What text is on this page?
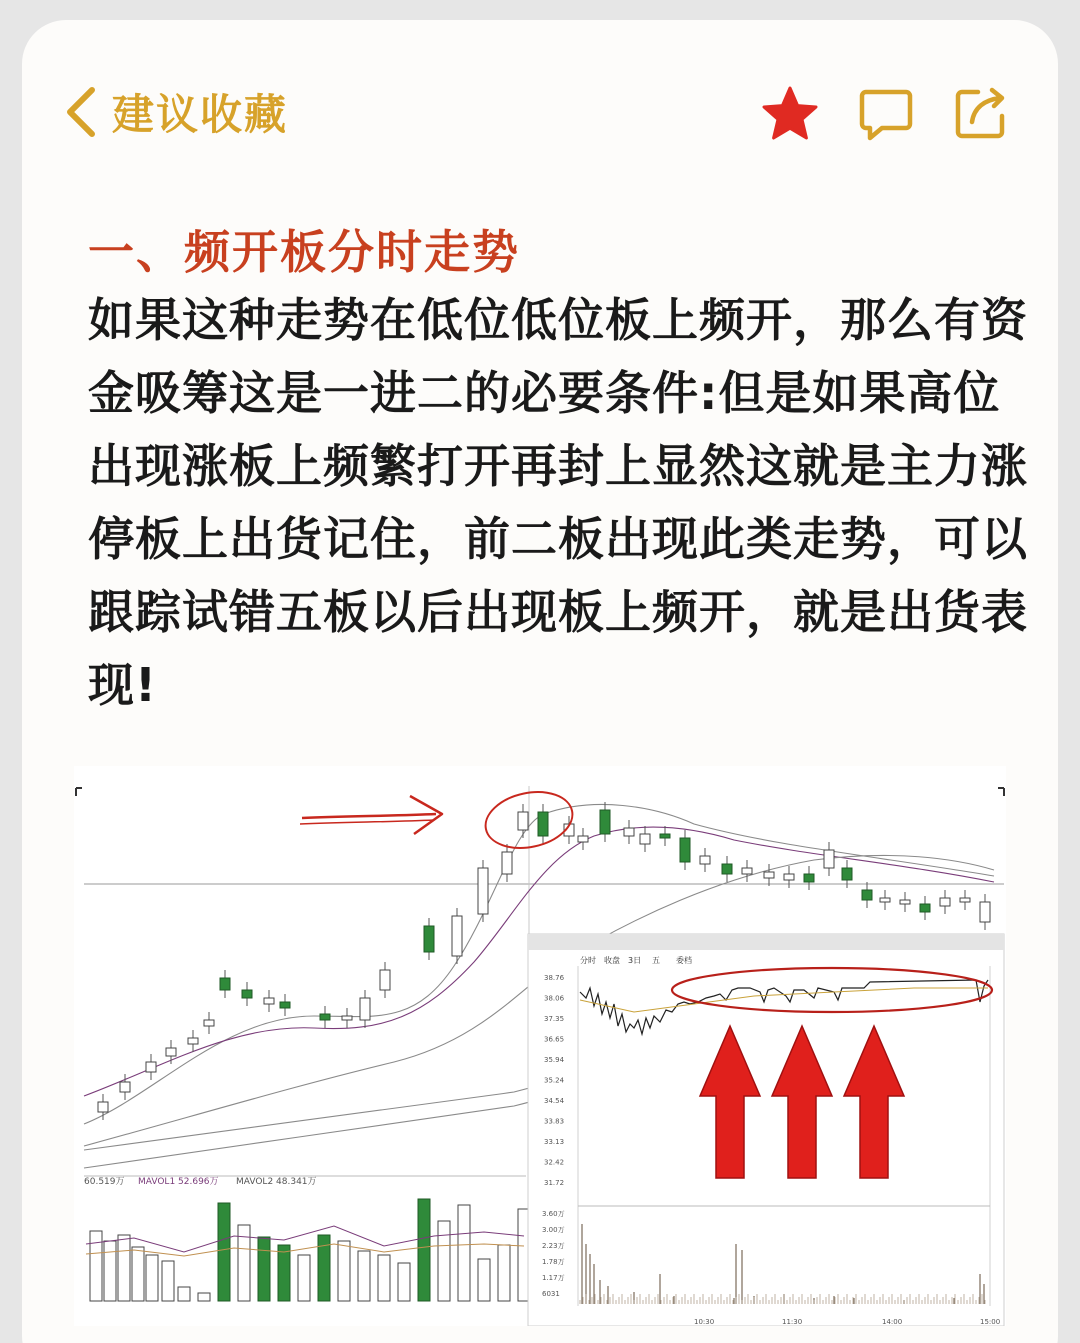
建议收藏
一、频开板分时走势
如果这种走势在低位低位板上频开，那么有资金吸筹这是一进二的必要条件:但是如果高位出现涨板上频繁打开再封上显然这就是主力涨停板上出货记住，前二板出现此类走势，可以跟踪试错五板以后出现板上频开，就是出货表现!
60.519万 MAVOL1 52.696万 MAVOL2 48.341万
分时 收盘 3日 五 委档
38.76
38.06
37.35
36.65
35.94
35.24
34.54
33.83
33.13
32.42
31.72
3.60万
3.00万
2.23万
1.78万
1.17万
6031
10:30	11:30	14:00	15:00
